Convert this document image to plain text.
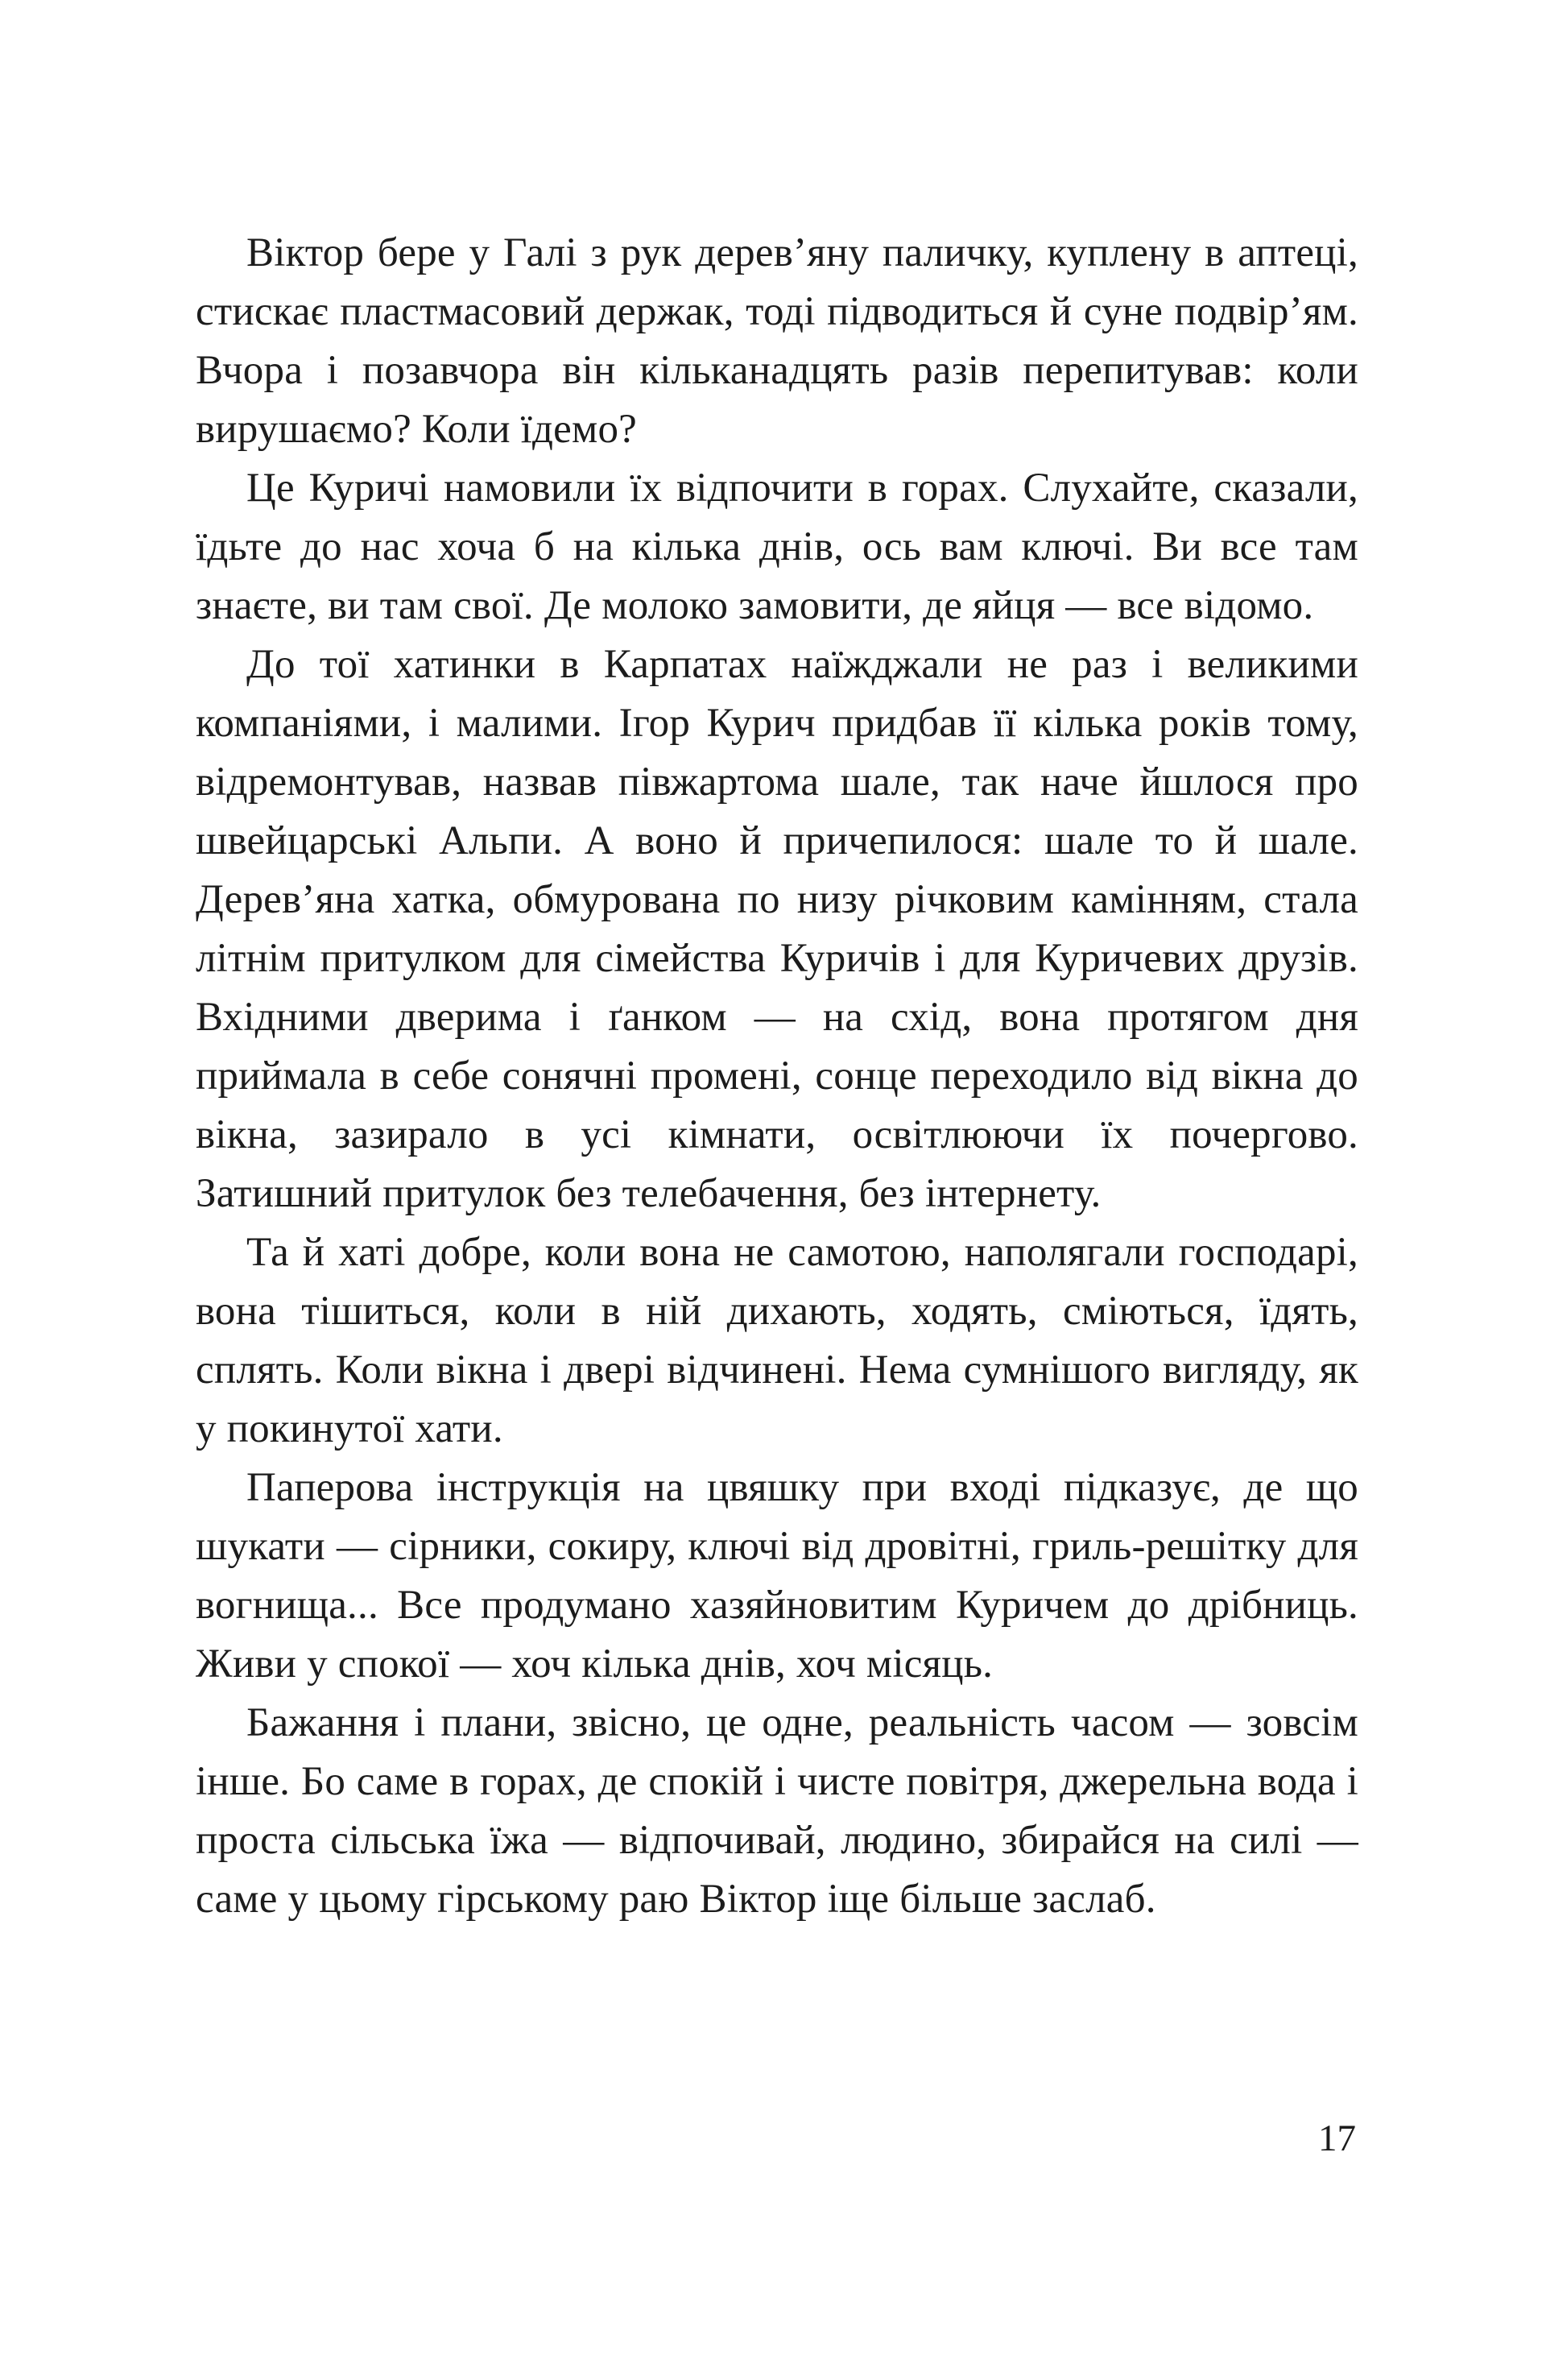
Віктор бере у Галі з рук дерев’яну паличку, куплену в аптеці, стискає пластмасовий держак, тоді підводиться й суне подвір’ям. Вчора і позавчора він кільканадцять разів перепитував: коли вирушаємо? Коли їдемо?

Це Куричі намовили їх відпочити в горах. Слухайте, сказали, їдьте до нас хоча б на кілька днів, ось вам ключі. Ви все там знаєте, ви там свої. Де молоко замовити, де яйця — все відомо.

До тої хатинки в Карпатах наїжджали не раз і великими компаніями, і малими. Ігор Курич придбав її кілька років тому, відремонтував, назвав півжартома шале, так наче йшлося про швейцарські Альпи. А воно й причепилося: шале то й шале. Дерев’яна хатка, обмурована по низу річковим камінням, стала літнім притулком для сімейства Куричів і для Куричевих друзів. Вхідними дверима і ґанком — на схід, вона протягом дня приймала в себе сонячні промені, сонце переходило від вікна до вікна, зазирало в усі кімнати, освітлюючи їх почергово. Затишний притулок без телебачення, без інтернету.

Та й хаті добре, коли вона не самотою, наполягали господарі, вона тішиться, коли в ній дихають, ходять, сміються, їдять, сплять. Коли вікна і двері відчинені. Нема сумнішого вигляду, як у покинутої хати.

Паперова інструкція на цвяшку при вході підказує, де що шукати — сірники, сокиру, ключі від дровітні, гриль-решітку для вогнища... Все продумано хазяйновитим Куричем до дрібниць. Живи у спокої — хоч кілька днів, хоч місяць.

Бажання і плани, звісно, це одне, реальність часом — зовсім інше. Бо саме в горах, де спокій і чисте повітря, джерельна вода і проста сільська їжа — відпочивай, людино, збирайся на силі — саме у цьому гірському раю Віктор іще більше заслаб.

17
